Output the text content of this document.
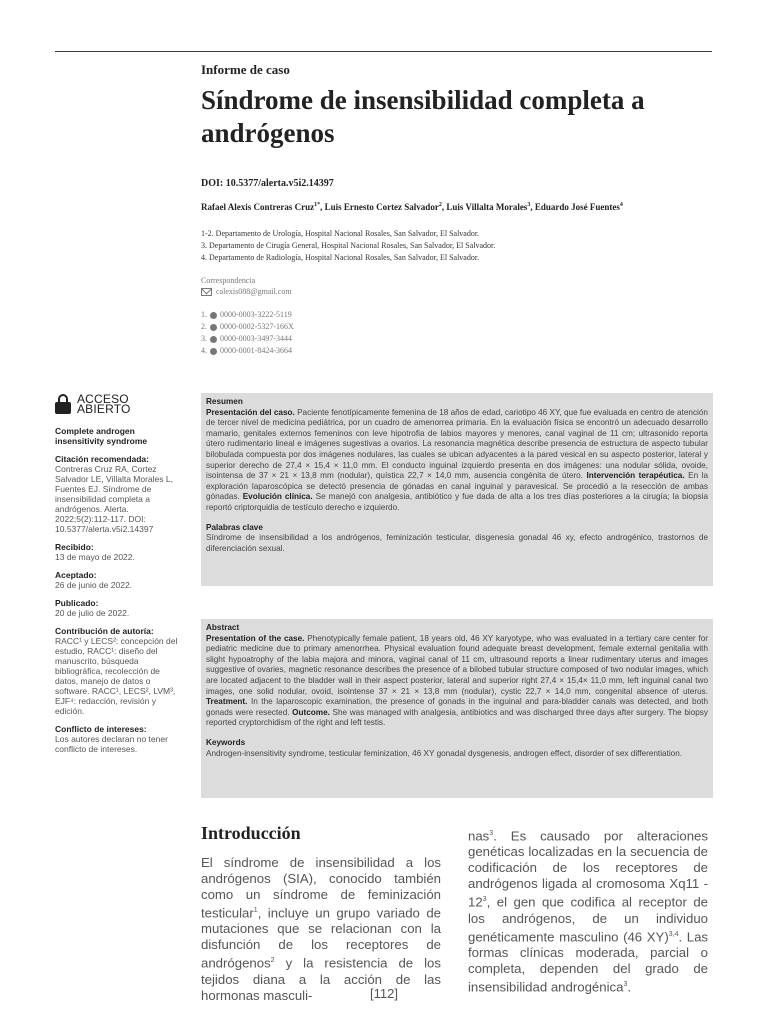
Informe de caso
Síndrome de insensibilidad completa a andrógenos
DOI: 10.5377/alerta.v5i2.14397
Rafael Alexis Contreras Cruz$^{1*}$, Luis Ernesto Cortez Salvador$^2$, Luis Villalta Morales$^3$, Eduardo José Fuentes$^4$
1-2. Departamento de Urología, Hospital Nacional Rosales, San Salvador, El Salvador.
3. Departamento de Cirugía General, Hospital Nacional Rosales, San Salvador, El Salvador.
4. Departamento de Radiología, Hospital Nacional Rosales, San Salvador, El Salvador.
Correspondencia
calexis088@gmail.com
1. 0000-0003-3222-5119
2. 0000-0002-5327-166X
3. 0000-0003-3497-3444
4. 0000-0001-8424-3664
ACCESO ABIERTO
Complete androgen insensitivity syndrome
Citación recomendada:
Contreras Cruz RA, Cortez Salvador LE, Villalta Morales L, Fuentes EJ. Síndrome de insensibilidad completa a andrógenos. Alerta. 2022;5(2):112-117. DOI: 10.5377/alerta.v5i2.14397
Recibido:
13 de mayo de 2022.
Aceptado:
26 de junio de 2022.
Publicado:
20 de julio de 2022.
Contribución de autoría:
RACC¹ y LECS²: concepción del estudio, RACC¹: diseño del manuscrito, búsqueda bibliográfica, recolección de datos, manejo de datos o software. RACC¹, LECS², LVM³, EJF⁴: redacción, revisión y edición.
Conflicto de intereses:
Los autores declaran no tener conflicto de intereses.
Resumen

Presentación del caso. Paciente fenotípicamente femenina de 18 años de edad, cariotipo 46 XY, que fue evaluada en centro de atención de tercer nivel de medicina pediátrica, por un cuadro de amenorrea primaria. En la evaluación física se encontró un adecuado desarrollo mamario, genitales externos femeninos con leve hipotrofia de labios mayores y menores, canal vaginal de 11 cm; ultrasonido reporta útero rudimentario lineal e imágenes sugestivas a ovarios. La resonancia magnética describe presencia de estructura de aspecto tubular bilobulada compuesta por dos imágenes nodulares, las cuales se ubican adyacentes a la pared vesical en su aspecto posterior, lateral y superior derecho de 27,4 × 15,4 × 11,0 mm. El conducto inguinal izquierdo presenta en dos imágenes: una nodular sólida, ovoide, isointensa de 37 × 21 × 13,8 mm (nodular), quística 22,7 × 14,0 mm, ausencia congénita de útero. Intervención terapéutica. En la exploración laparoscópica se detectó presencia de gónadas en canal inguinal y paravesical. Se procedió a la resección de ambas gónadas. Evolución clínica. Se manejó con analgesia, antibiótico y fue dada de alta a los tres días posteriores a la cirugía; la biopsia reportó criptorquidia de testículo derecho e izquierdo.

Palabras clave

Síndrome de insensibilidad a los andrógenos, feminización testicular, disgenesia gonadal 46 xy, efecto androgénico, trastornos de diferenciación sexual.

Abstract

Presentation of the case. Phenotypically female patient, 18 years old, 46 XY karyotype, who was evaluated in a tertiary care center for pediatric medicine due to primary amenorrhea. Physical evaluation found adequate breast development, female external genitalia with slight hypoatrophy of the labia majora and minora, vaginal canal of 11 cm, ultrasound reports a linear rudimentary uterus and images suggestive of ovaries, magnetic resonance describes the presence of a bilobed tubular structure composed of two nodular images, which are located adjacent to the bladder wall in their aspect posterior, lateral and superior right 27,4 × 15,4× 11,0 mm, left inguinal canal two images, one solid nodular, ovoid, isointense 37 × 21 × 13,8 mm (nodular), cystic 22,7 × 14,0 mm, congenital absence of uterus. Treatment. In the laparoscopic examination, the presence of gonads in the inguinal and para-bladder canals was detected, and both gonads were resected. Outcome. She was managed with analgesia, antibiotics and was discharged three days after surgery. The biopsy reported cryptorchidism of the right and left testis.

Keywords

Androgen-insensitivity syndrome, testicular feminization, 46 XY gonadal dysgenesis, androgen effect, disorder of sex differentiation.

Introducción
El síndrome de insensibilidad a los andrógenos (SIA), conocido también como un síndrome de feminización testicular$^1$, incluye un grupo variado de mutaciones que se relacionan con la disfunción de los receptores de andrógenos$^2$ y la resistencia de los tejidos diana a la acción de las hormonas masculi-
nas$^3$. Es causado por alteraciones genéticas localizadas en la secuencia de codificación de los receptores de andrógenos ligada al cromosoma $Xq11 - 12^3$, el gen que codifica al receptor de los andrógenos, de un individuo genéticamente masculino (46 XY)$^{3,4}$. Las formas clínicas moderada, parcial o completa, dependen del grado de insensibilidad androgénica$^3$.
[112]
